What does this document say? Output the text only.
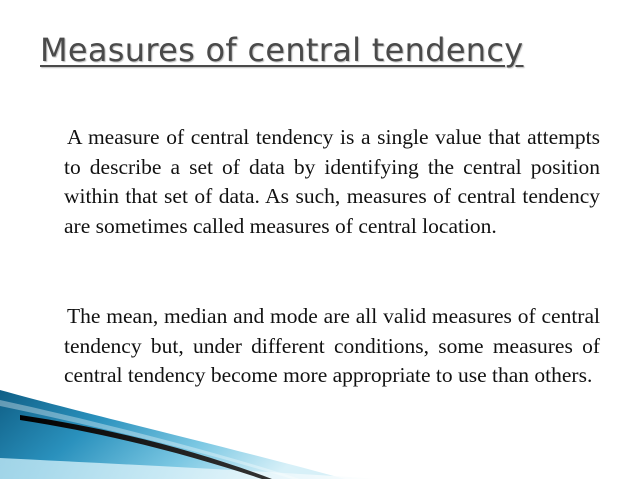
Measures of central tendency

A measure of central tendency is a single value that attempts to describe a set of data by identifying the central position within that set of data. As such, measures of central tendency are sometimes called measures of central location.

The mean, median and mode are all valid measures of central tendency but, under different conditions, some measures of central tendency become more appropriate to use than others.
